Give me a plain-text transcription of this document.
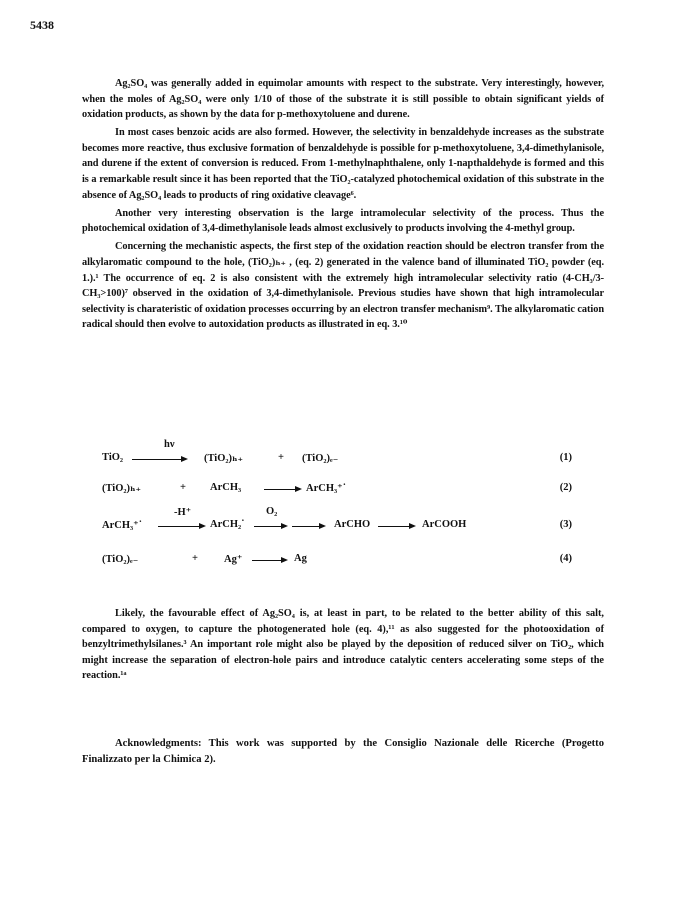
5438

Ag₂SO₄ was generally added in equimolar amounts with respect to the substrate. Very interestingly, however, when the moles of Ag₂SO₄ were only 1/10 of those of the substrate it is still possible to obtain significant yields of oxidation products, as shown by the data for p-methoxytoluene and durene.

In most cases benzoic acids are also formed. However, the selectivity in benzaldehyde increases as the substrate becomes more reactive, thus exclusive formation of benzaldehyde is possible for p-methoxytoluene, 3,4-dimethylanisole, and durene if the extent of conversion is reduced. From 1-methylnaphthalene, only 1-napthaldehyde is formed and this is a remarkable result since it has been reported that the TiO₂-catalyzed photochemical oxidation of this substrate in the absence of Ag₂SO₄ leads to products of ring oxidative cleavage⁶.

Another very interesting observation is the large intramolecular selectivity of the process. Thus the photochemical oxidation of 3,4-dimethylanisole leads almost exclusively to products involving the 4-methyl group.

Concerning the mechanistic aspects, the first step of the oxidation reaction should be electron transfer from the alkylaromatic compound to the hole, (TiO₂)ₕ₊ , (eq. 2) generated in the valence band of illuminated TiO₂ powder (eq. 1.).¹ The occurrence of eq. 2 is also consistent with the extremely high intramolecular selectivity ratio (4-CH₃/3-CH₃>100)⁷ observed in the oxidation of 3,4-dimethylanisole. Previous studies have shown that high intramolecular selectivity is charateristic of oxidation processes occurring by an electron transfer mechanism⁹. The alkylaromatic cation radical should then evolve to autoxidation products as illustrated in eq. 3.¹⁰

TiO₂
hν
(TiO₂)ₕ₊	+ (TiO₂)ₑ₋	(1)
(TiO₂)ₕ₊	+ ArCH₃	ArCH₃⁺˙	(2)
ArCH₃⁺˙
-H⁺
ArCH₂˙
O₂
ArCHO	ArCOOH	(3)
(TiO₂)ₑ₋	+ Ag⁺	Ag	(4)

Likely, the favourable effect of Ag₂SO₄ is, at least in part, to be related to the better ability of this salt, compared to oxygen, to capture the photogenerated hole (eq. 4),¹¹ as also suggested for the photooxidation of benzyltrimethylsilanes.³ An important role might also be played by the deposition of reduced silver on TiO₂, which might increase the separation of electron-hole pairs and introduce catalytic centers accelerating some steps of the reaction.¹ᵃ

Acknowledgments: This work was supported by the Consiglio Nazionale delle Ricerche (Progetto Finalizzato per la Chimica 2).
